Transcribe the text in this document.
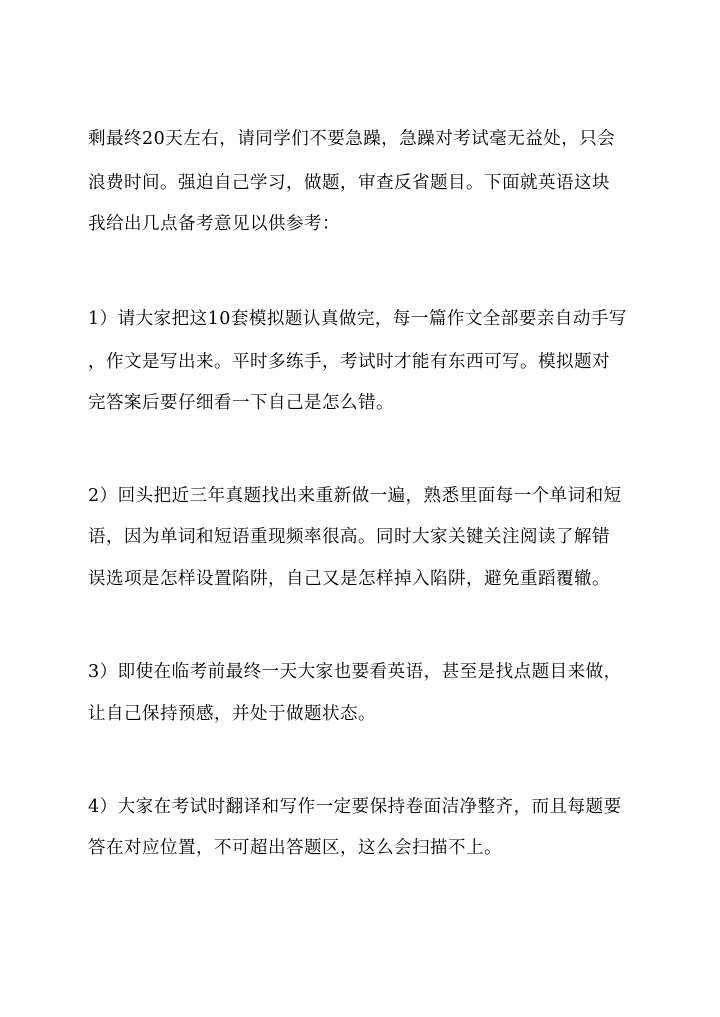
剩最终20天左右，请同学们不要急躁，急躁对考试毫无益处，只会
浪费时间。强迫自己学习，做题，审查反省题目。下面就英语这块
我给出几点备考意见以供参考：
1）请大家把这10套模拟题认真做完，每一篇作文全部要亲自动手写
，作文是写出来。平时多练手，考试时才能有东西可写。模拟题对
完答案后要仔细看一下自己是怎么错。
2）回头把近三年真题找出来重新做一遍，熟悉里面每一个单词和短
语，因为单词和短语重现频率很高。同时大家关键关注阅读了解错
误选项是怎样设置陷阱，自己又是怎样掉入陷阱，避免重蹈覆辙。
3）即使在临考前最终一天大家也要看英语，甚至是找点题目来做，
让自己保持预感，并处于做题状态。
4）大家在考试时翻译和写作一定要保持卷面洁净整齐，而且每题要
答在对应位置，不可超出答题区，这么会扫描不上。
